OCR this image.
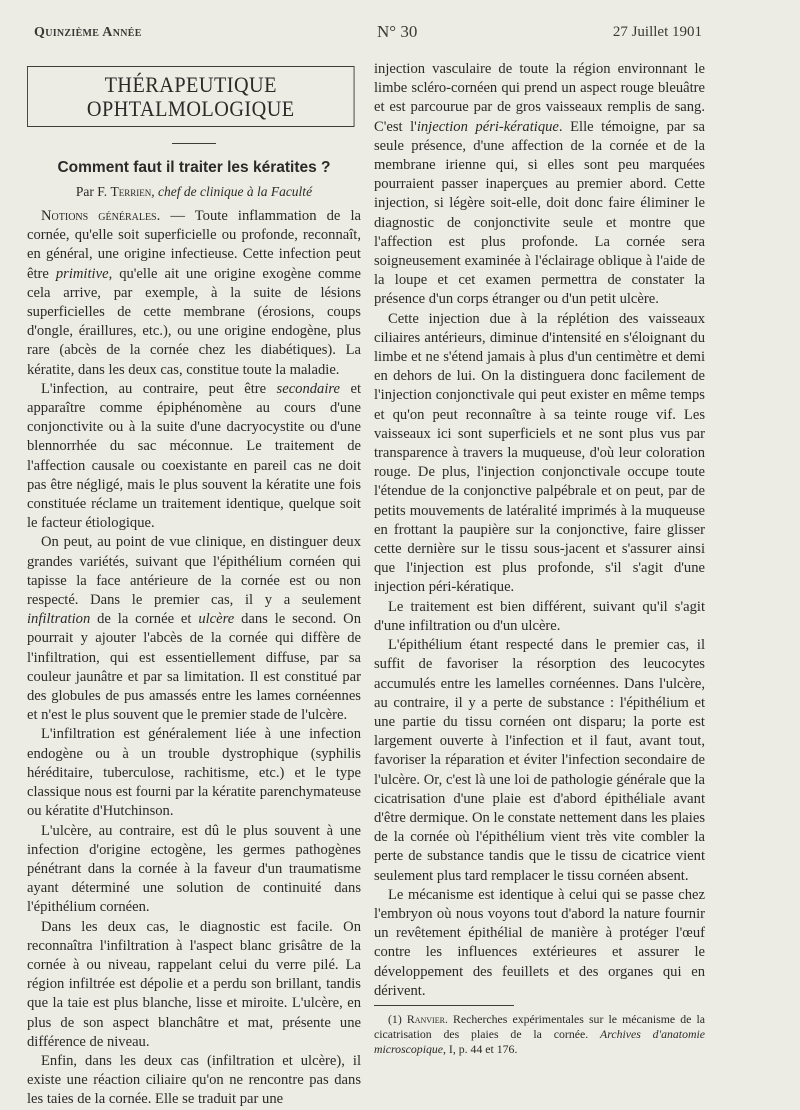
Quinzième Année	N° 30	27 Juillet 1901
THÉRAPEUTIQUE OPHTALMOLOGIQUE
Comment faut il traiter les kératites ?
Par F. Terrien, chef de clinique à la Faculté

Notions générales. — Toute inflammation de la cornée, qu'elle soit superficielle ou profonde, reconnaît, en général, une origine infectieuse. Cette infection peut être primitive, qu'elle ait une origine exogène comme cela arrive, par exemple, à la suite de lésions superficielles de cette membrane (érosions, coups d'ongle, éraillures, etc.), ou une origine endogène, plus rare (abcès de la cornée chez les diabétiques). La kératite, dans les deux cas, constitue toute la maladie.

L'infection, au contraire, peut être secondaire et apparaître comme épiphénomène au cours d'une conjonctivite ou à la suite d'une dacryocystite ou d'une blennorrhée du sac méconnue. Le traitement de l'affection causale ou coexistante en pareil cas ne doit pas être négligé, mais le plus souvent la kératite une fois constituée réclame un traitement identique, quelque soit le facteur étiologique.

On peut, au point de vue clinique, en distinguer deux grandes variétés, suivant que l'épithélium cornéen qui tapisse la face antérieure de la cornée est ou non respecté. Dans le premier cas, il y a seulement infiltration de la cornée et ulcère dans le second. On pourrait y ajouter l'abcès de la cornée qui diffère de l'infiltration, qui est essentiellement diffuse, par sa couleur jaunâtre et par sa limitation. Il est constitué par des globules de pus amassés entre les lames cornéennes et n'est le plus souvent que le premier stade de l'ulcère.

L'infiltration est généralement liée à une infection endogène ou à un trouble dystrophique (syphilis héréditaire, tuberculose, rachitisme, etc.) et le type classique nous est fourni par la kératite parenchymateuse ou kératite d'Hutchinson.

L'ulcère, au contraire, est dû le plus souvent à une infection d'origine ectogène, les germes pathogènes pénétrant dans la cornée à la faveur d'un traumatisme ayant déterminé une solution de continuité dans l'épithélium cornéen.

Dans les deux cas, le diagnostic est facile. On reconnaîtra l'infiltration à l'aspect blanc grisâtre de la cornée à ou niveau, rappelant celui du verre pilé. La région infiltrée est dépolie et a perdu son brillant, tandis que la taie est plus blanche, lisse et miroite. L'ulcère, en plus de son aspect blanchâtre et mat, présente une différence de niveau.

Enfin, dans les deux cas (infiltration et ulcère), il existe une réaction ciliaire qu'on ne rencontre pas dans les taies de la cornée. Elle se traduit par une

injection vasculaire de toute la région environnant le limbe scléro-cornéen qui prend un aspect rouge bleuâtre et est parcourue par de gros vaisseaux remplis de sang. C'est l'injection péri-kératique. Elle témoigne, par sa seule présence, d'une affection de la cornée et de la membrane irienne qui, si elles sont peu marquées pourraient passer inaperçues au premier abord. Cette injection, si légère soit-elle, doit donc faire éliminer le diagnostic de conjonctivite seule et montre que l'affection est plus profonde. La cornée sera soigneusement examinée à l'éclairage oblique à l'aide de la loupe et cet examen permettra de constater la présence d'un corps étranger ou d'un petit ulcère.

Cette injection due à la réplétion des vaisseaux ciliaires antérieurs, diminue d'intensité en s'éloignant du limbe et ne s'étend jamais à plus d'un centimètre et demi en dehors de lui. On la distinguera donc facilement de l'injection conjonctivale qui peut exister en même temps et qu'on peut reconnaître à sa teinte rouge vif. Les vaisseaux ici sont superficiels et ne sont plus vus par transparence à travers la muqueuse, d'où leur coloration rouge. De plus, l'injection conjonctivale occupe toute l'étendue de la conjonctive palpébrale et on peut, par de petits mouvements de latéralité imprimés à la muqueuse en frottant la paupière sur la conjonctive, faire glisser cette dernière sur le tissu sous-jacent et s'assurer ainsi que l'injection est plus profonde, s'il s'agit d'une injection péri-kératique.

Le traitement est bien différent, suivant qu'il s'agit d'une infiltration ou d'un ulcère.

L'épithélium étant respecté dans le premier cas, il suffit de favoriser la résorption des leucocytes accumulés entre les lamelles cornéennes. Dans l'ulcère, au contraire, il y a perte de substance : l'épithélium et une partie du tissu cornéen ont disparu; la porte est largement ouverte à l'infection et il faut, avant tout, favoriser la réparation et éviter l'infection secondaire de l'ulcère. Or, c'est là une loi de pathologie générale que la cicatrisation d'une plaie est d'abord épithéliale avant d'être dermique. On le constate nettement dans les plaies de la cornée où l'épithélium vient très vite combler la perte de substance tandis que le tissu de cicatrice vient seulement plus tard remplacer le tissu cornéen absent.

Le mécanisme est identique à celui qui se passe chez l'embryon où nous voyons tout d'abord la nature fournir un revêtement épithélial de manière à protéger l'œuf contre les influences extérieures et assurer le développement des feuillets et des organes qui en dérivent.

(1) Ranvier. Recherches expérimentales sur le mécanisme de la cicatrisation des plaies de la cornée. Archives d'anatomie microscopique, I, p. 44 et 176.
